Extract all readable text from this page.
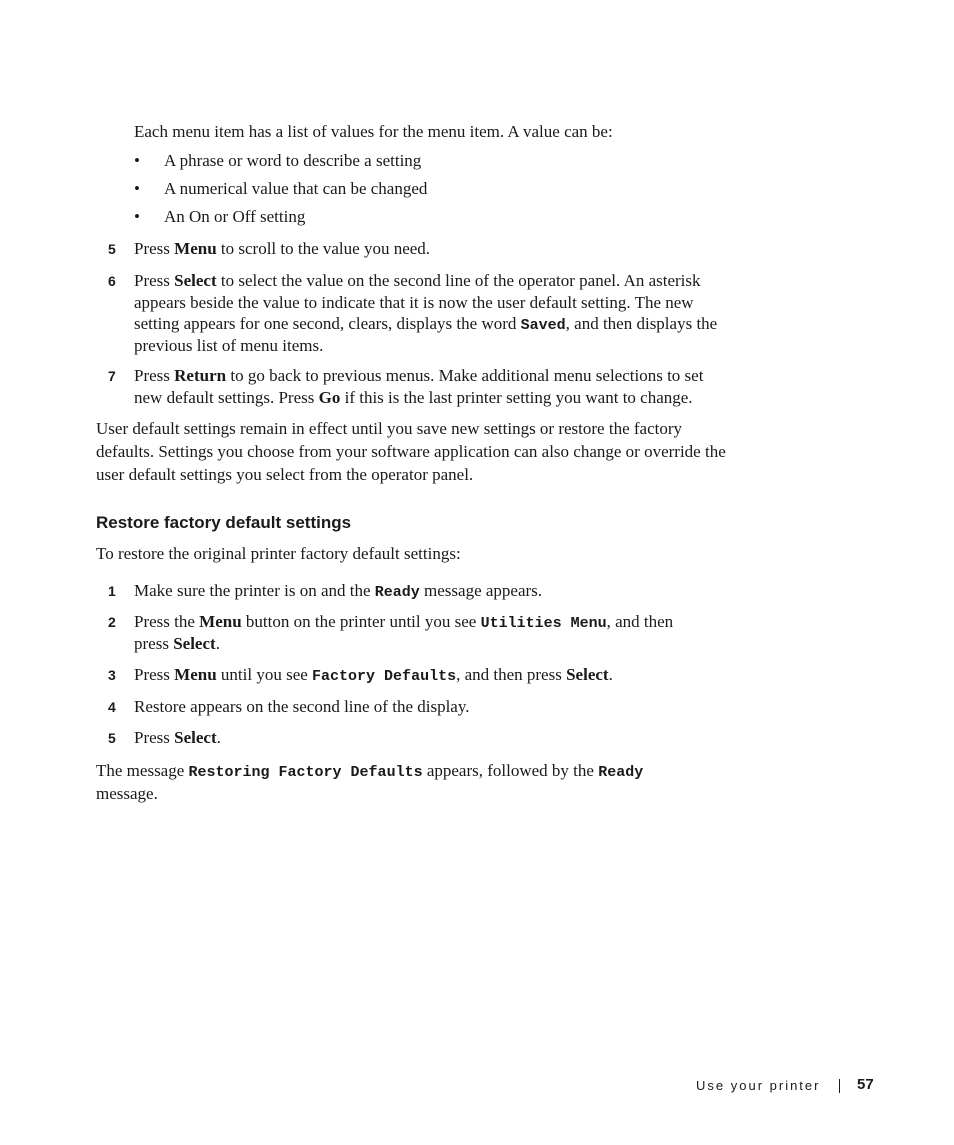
Each menu item has a list of values for the menu item. A value can be:

• A phrase or word to describe a setting

• A numerical value that can be changed

• An On or Off setting

5 Press Menu to scroll to the value you need.

6 Press Select to select the value on the second line of the operator panel. An asterisk

appears beside the value to indicate that it is now the user default setting. The new

setting appears for one second, clears, displays the word Saved, and then displays the

previous list of menu items.

7 Press Return to go back to previous menus. Make additional menu selections to set

new default settings. Press Go if this is the last printer setting you want to change.

User default settings remain in effect until you save new settings or restore the factory

defaults. Settings you choose from your software application can also change or override the

user default settings you select from the operator panel.

Restore factory default settings

To restore the original printer factory default settings:

1 Make sure the printer is on and the Ready message appears.

2 Press the Menu button on the printer until you see Utilities Menu, and then

press Select.

3 Press Menu until you see Factory Defaults, and then press Select.

4 Restore appears on the second line of the display.

5 Press Select.

The message Restoring Factory Defaults appears, followed by the Ready

message.

Use your printer 57
